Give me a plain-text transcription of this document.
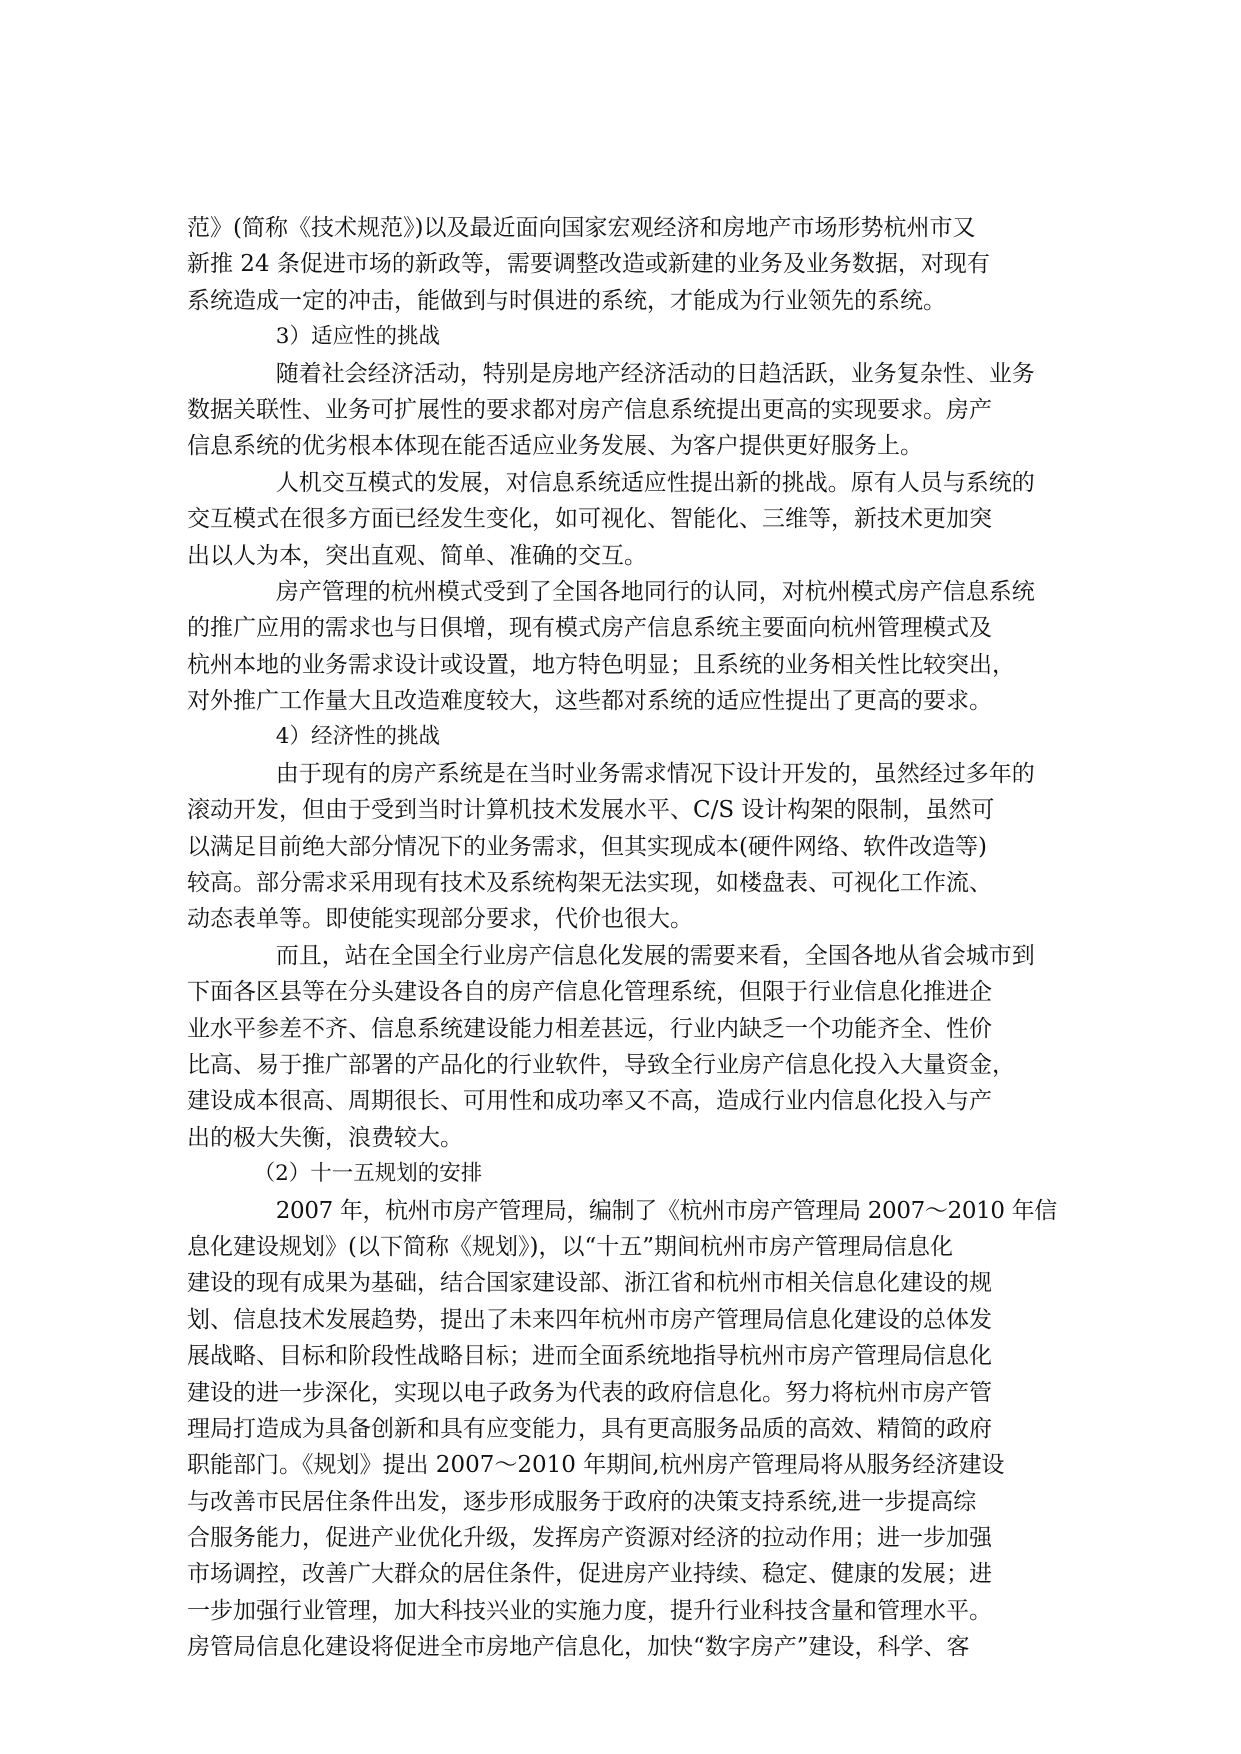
范》(简称《技术规范》)以及最近面向国家宏观经济和房地产市场形势杭州市又
新推 24 条促进市场的新政等，需要调整改造或新建的业务及业务数据，对现有
系统造成一定的冲击，能做到与时俱进的系统，才能成为行业领先的系统。
3）适应性的挑战
随着社会经济活动，特别是房地产经济活动的日趋活跃，业务复杂性、业务
数据关联性、业务可扩展性的要求都对房产信息系统提出更高的实现要求。房产
信息系统的优劣根本体现在能否适应业务发展、为客户提供更好服务上。
人机交互模式的发展，对信息系统适应性提出新的挑战。原有人员与系统的
交互模式在很多方面已经发生变化，如可视化、智能化、三维等，新技术更加突
出以人为本，突出直观、简单、准确的交互。
房产管理的杭州模式受到了全国各地同行的认同，对杭州模式房产信息系统
的推广应用的需求也与日俱增，现有模式房产信息系统主要面向杭州管理模式及
杭州本地的业务需求设计或设置，地方特色明显；且系统的业务相关性比较突出，
对外推广工作量大且改造难度较大，这些都对系统的适应性提出了更高的要求。
4）经济性的挑战
由于现有的房产系统是在当时业务需求情况下设计开发的，虽然经过多年的
滚动开发，但由于受到当时计算机技术发展水平、C/S 设计构架的限制，虽然可
以满足目前绝大部分情况下的业务需求，但其实现成本(硬件网络、软件改造等)
较高。部分需求采用现有技术及系统构架无法实现，如楼盘表、可视化工作流、
动态表单等。即使能实现部分要求，代价也很大。
而且，站在全国全行业房产信息化发展的需要来看，全国各地从省会城市到
下面各区县等在分头建设各自的房产信息化管理系统，但限于行业信息化推进企
业水平参差不齐、信息系统建设能力相差甚远，行业内缺乏一个功能齐全、性价
比高、易于推广部署的产品化的行业软件，导致全行业房产信息化投入大量资金，
建设成本很高、周期很长、可用性和成功率又不高，造成行业内信息化投入与产
出的极大失衡，浪费较大。
（2）十一五规划的安排
2007 年，杭州市房产管理局，编制了《杭州市房产管理局 2007～2010 年信
息化建设规划》(以下简称《规划》)，以“十五”期间杭州市房产管理局信息化
建设的现有成果为基础，结合国家建设部、浙江省和杭州市相关信息化建设的规
划、信息技术发展趋势，提出了未来四年杭州市房产管理局信息化建设的总体发
展战略、目标和阶段性战略目标；进而全面系统地指导杭州市房产管理局信息化
建设的进一步深化，实现以电子政务为代表的政府信息化。努力将杭州市房产管
理局打造成为具备创新和具有应变能力，具有更高服务品质的高效、精简的政府
职能部门。《规划》提出 2007～2010 年期间,杭州房产管理局将从服务经济建设
与改善市民居住条件出发，逐步形成服务于政府的决策支持系统,进一步提高综
合服务能力，促进产业优化升级，发挥房产资源对经济的拉动作用；进一步加强
市场调控，改善广大群众的居住条件，促进房产业持续、稳定、健康的发展；进
一步加强行业管理，加大科技兴业的实施力度，提升行业科技含量和管理水平。
房管局信息化建设将促进全市房地产信息化，加快“数字房产”建设，科学、客
